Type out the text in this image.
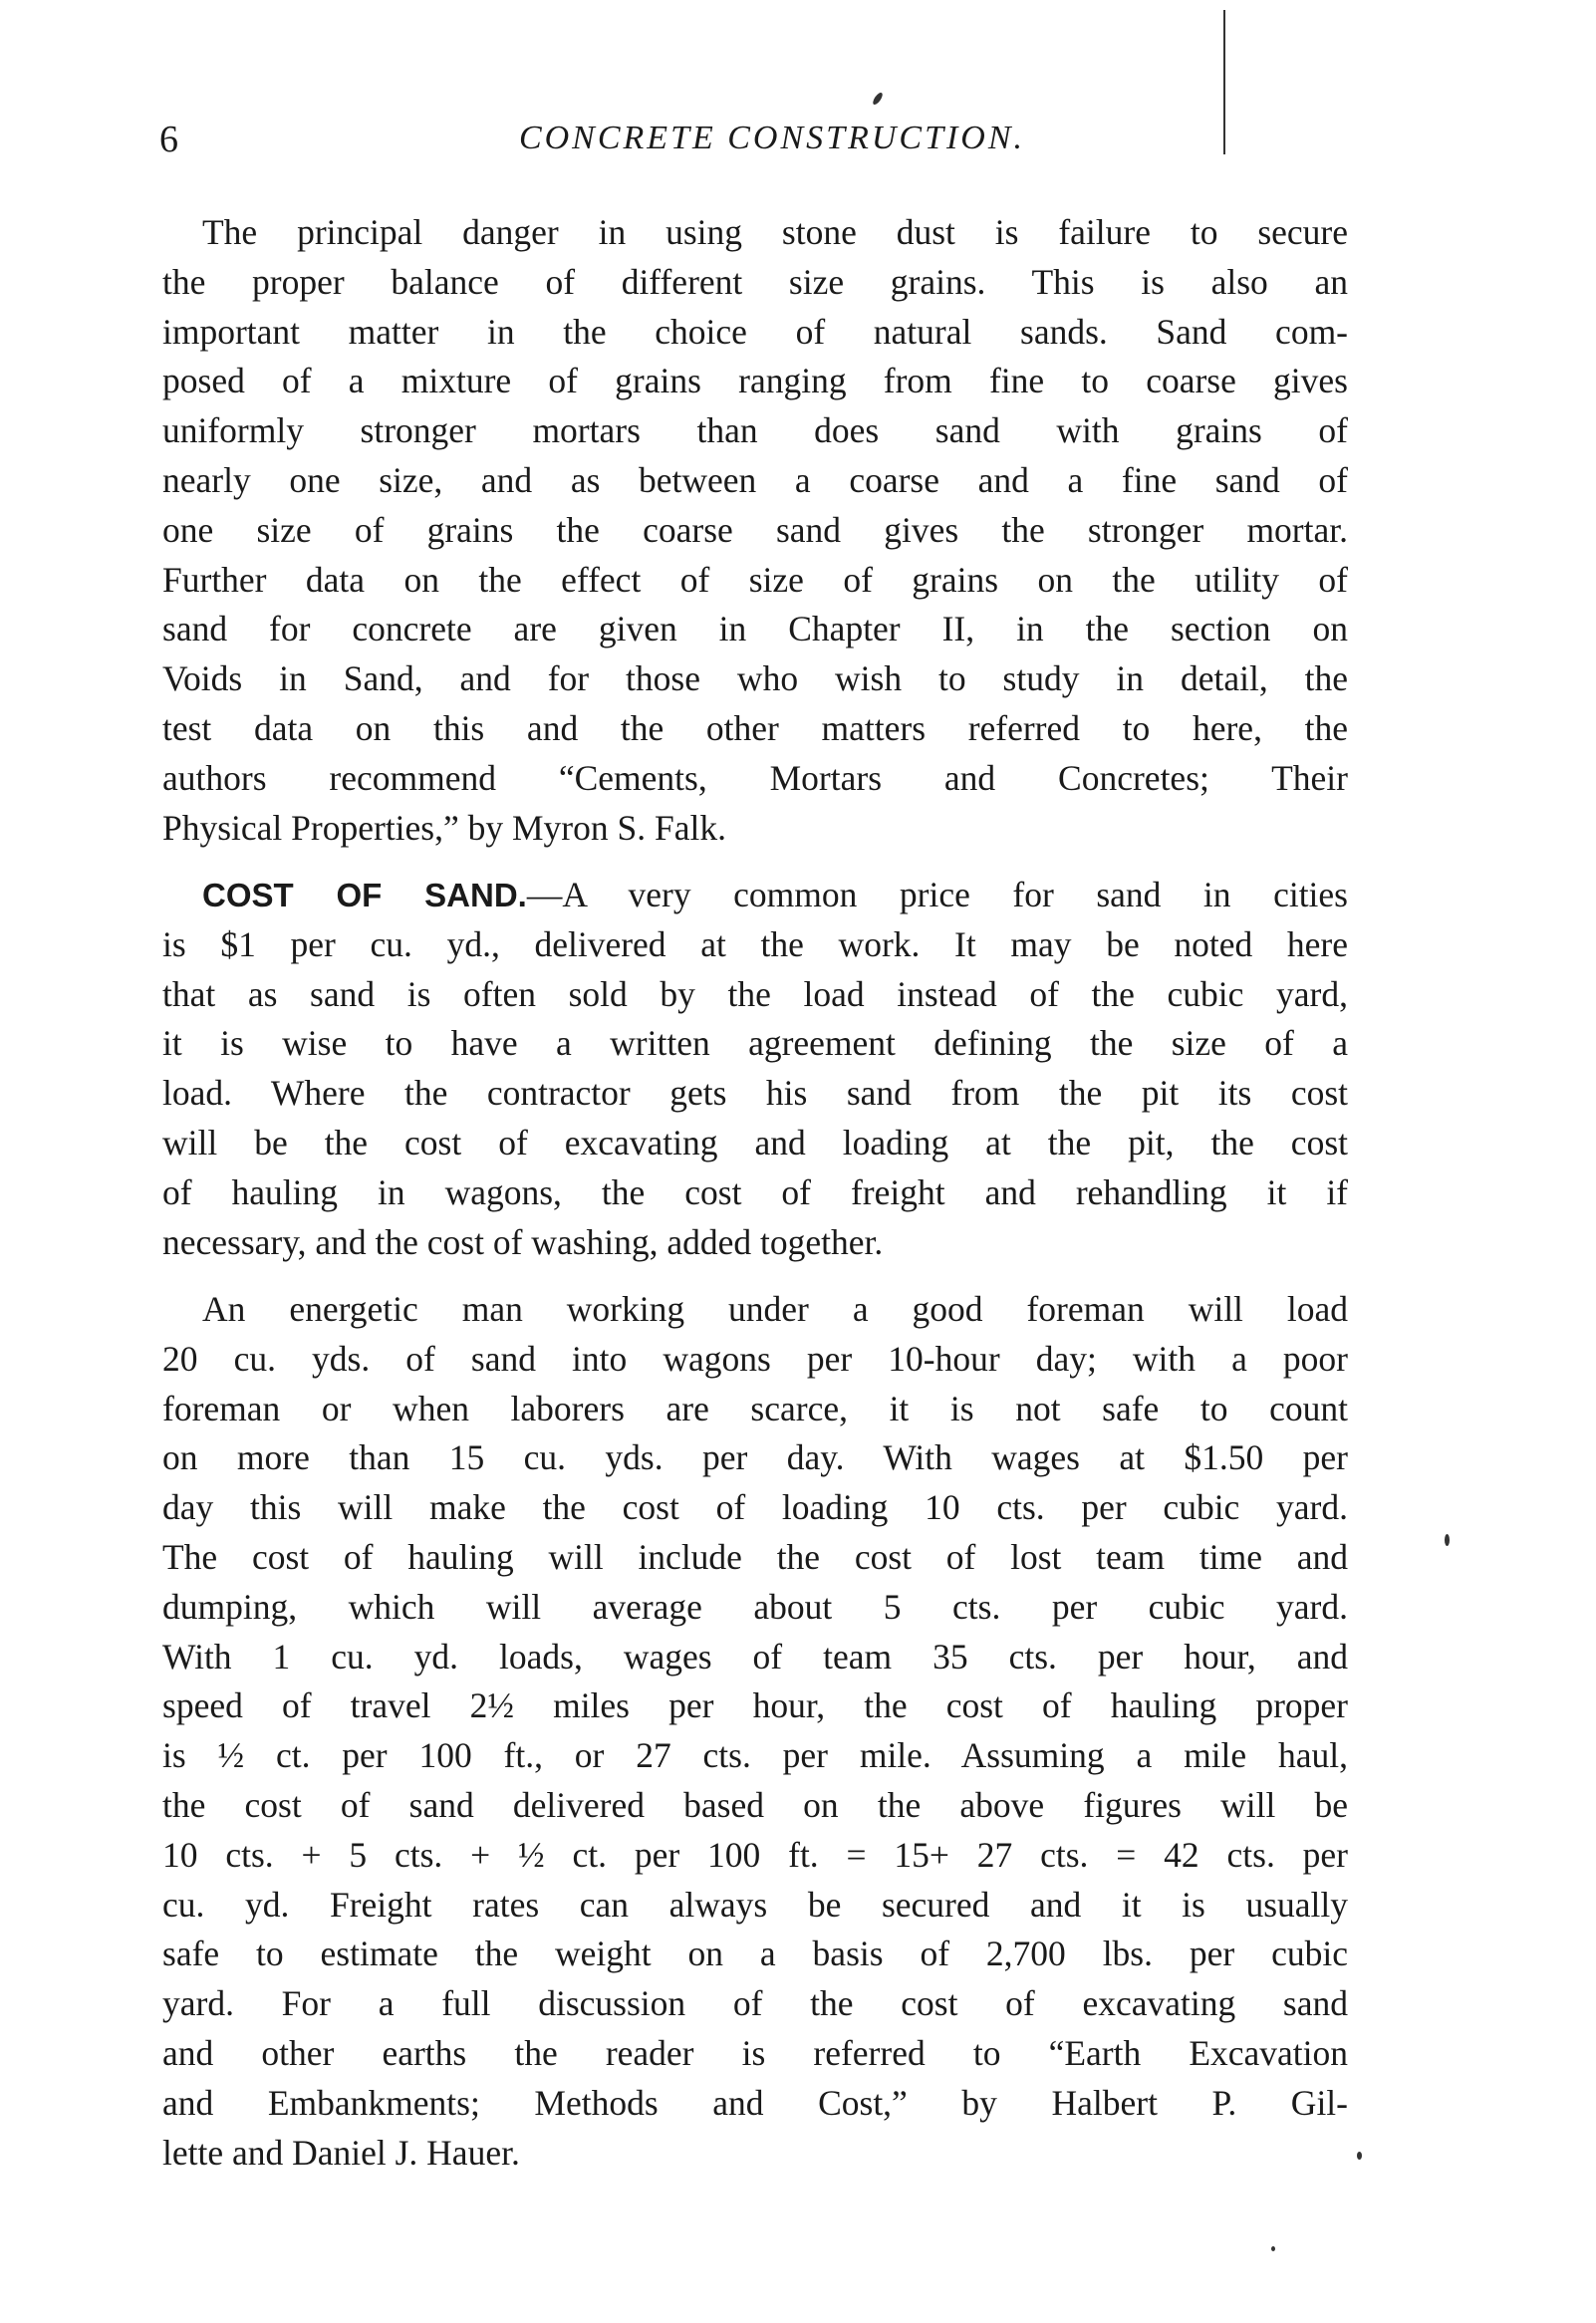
6	CONCRETE CONSTRUCTION.
The principal danger in using stone dust is failure to secure
the proper balance of different size grains. This is also an
important matter in the choice of natural sands. Sand com-
posed of a mixture of grains ranging from fine to coarse gives
uniformly stronger mortars than does sand with grains of
nearly one size, and as between a coarse and a fine sand of
one size of grains the coarse sand gives the stronger mortar.
Further data on the effect of size of grains on the utility of
sand for concrete are given in Chapter II, in the section on
Voids in Sand, and for those who wish to study in detail, the
test data on this and the other matters referred to here, the
authors recommend “Cements, Mortars and Concretes; Their
Physical Properties,” by Myron S. Falk.
COST OF SAND.—A very common price for sand in cities
is $1 per cu. yd., delivered at the work. It may be noted here
that as sand is often sold by the load instead of the cubic yard,
it is wise to have a written agreement defining the size of a
load. Where the contractor gets his sand from the pit its cost
will be the cost of excavating and loading at the pit, the cost
of hauling in wagons, the cost of freight and rehandling it if
necessary, and the cost of washing, added together.
An energetic man working under a good foreman will load
20 cu. yds. of sand into wagons per 10-hour day; with a poor
foreman or when laborers are scarce, it is not safe to count
on more than 15 cu. yds. per day. With wages at $1.50 per
day this will make the cost of loading 10 cts. per cubic yard.
The cost of hauling will include the cost of lost team time and
dumping, which will average about 5 cts. per cubic yard.
With 1 cu. yd. loads, wages of team 35 cts. per hour, and
speed of travel 2½ miles per hour, the cost of hauling proper
is ½ ct. per 100 ft., or 27 cts. per mile. Assuming a mile haul,
the cost of sand delivered based on the above figures will be
10 cts. + 5 cts. + ½ ct. per 100 ft. = 15+ 27 cts. = 42 cts. per
cu. yd. Freight rates can always be secured and it is usually
safe to estimate the weight on a basis of 2,700 lbs. per cubic
yard. For a full discussion of the cost of excavating sand
and other earths the reader is referred to “Earth Excavation
and Embankments; Methods and Cost,” by Halbert P. Gil-
lette and Daniel J. Hauer.
